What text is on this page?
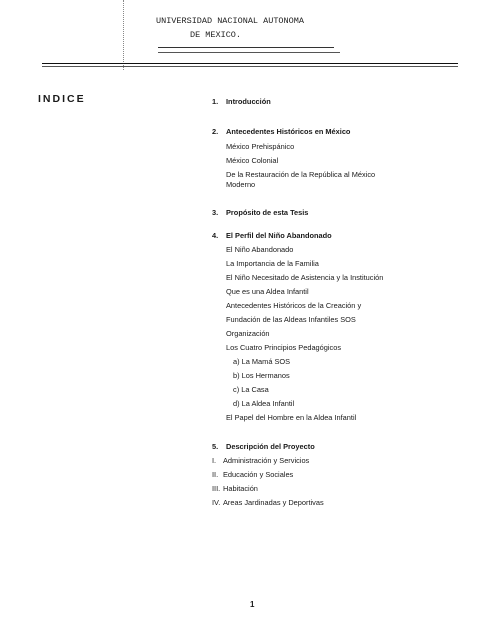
UNIVERSIDAD NACIONAL AUTONOMA
DE MEXICO.
INDICE	1. Introducción
2. Antecedentes Históricos en México
México Prehispánico
México Colonial
De la Restauración de la República al México
Moderno
3. Propósito de esta Tesis
4. El Perfil del Niño Abandonado
El Niño Abandonado
La Importancia de la Familia
El Niño Necesitado de Asistencia y la Institución
Que es una Aldea Infantil
Antecedentes Históricos de la Creación y
Fundación de las Aldeas Infantiles SOS
Organización
Los Cuatro Principios Pedagógicos
a) La Mamá SOS
b) Los Hermanos
c) La Casa
d) La Aldea Infantil
El Papel del Hombre en la Aldea Infantil
5. Descripción del Proyecto
I. Administración y Servicios
II. Educación y Sociales
III. Habitación
IV. Areas Jardinadas y Deportivas
1
